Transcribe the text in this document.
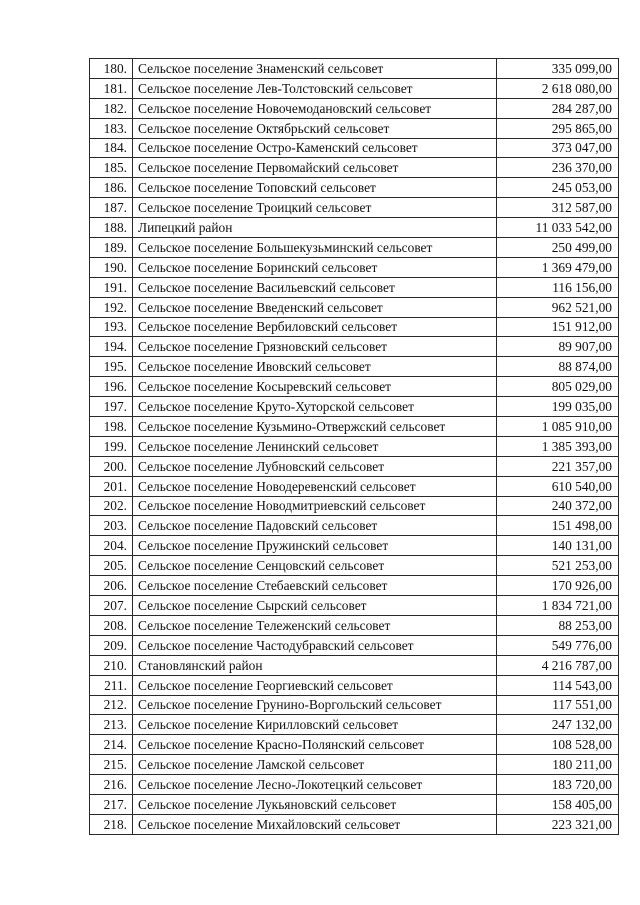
180.	Сельское поселение Знаменский сельсовет	335 099,00
181.	Сельское поселение Лев-Толстовский сельсовет	2 618 080,00
182.	Сельское поселение Новочемодановский сельсовет	284 287,00
183.	Сельское поселение Октябрьский сельсовет	295 865,00
184.	Сельское поселение Остро-Каменский сельсовет	373 047,00
185.	Сельское поселение Первомайский сельсовет	236 370,00
186.	Сельское поселение Топовский сельсовет	245 053,00
187.	Сельское поселение Троицкий сельсовет	312 587,00
188.	Липецкий район	11 033 542,00
189.	Сельское поселение Большекузьминский сельсовет	250 499,00
190.	Сельское поселение Боринский сельсовет	1 369 479,00
191.	Сельское поселение Васильевский сельсовет	116 156,00
192.	Сельское поселение Введенский сельсовет	962 521,00
193.	Сельское поселение Вербиловский сельсовет	151 912,00
194.	Сельское поселение Грязновский сельсовет	89 907,00
195.	Сельское поселение Ивовский сельсовет	88 874,00
196.	Сельское поселение Косыревский сельсовет	805 029,00
197.	Сельское поселение Круто-Хуторской сельсовет	199 035,00
198.	Сельское поселение Кузьмино-Отвержский сельсовет	1 085 910,00
199.	Сельское поселение Ленинский сельсовет	1 385 393,00
200.	Сельское поселение Лубновский сельсовет	221 357,00
201.	Сельское поселение Новодеревенский сельсовет	610 540,00
202.	Сельское поселение Новодмитриевский сельсовет	240 372,00
203.	Сельское поселение Падовский сельсовет	151 498,00
204.	Сельское поселение Пружинский сельсовет	140 131,00
205.	Сельское поселение Сенцовский сельсовет	521 253,00
206.	Сельское поселение Стебаевский сельсовет	170 926,00
207.	Сельское поселение Сырский сельсовет	1 834 721,00
208.	Сельское поселение Тележенский сельсовет	88 253,00
209.	Сельское поселение Частодубравский сельсовет	549 776,00
210.	Становлянский район	4 216 787,00
211.	Сельское поселение Георгиевский сельсовет	114 543,00
212.	Сельское поселение Грунино-Воргольский сельсовет	117 551,00
213.	Сельское поселение Кирилловский сельсовет	247 132,00
214.	Сельское поселение Красно-Полянский сельсовет	108 528,00
215.	Сельское поселение Ламской сельсовет	180 211,00
216.	Сельское поселение Лесно-Локотецкий сельсовет	183 720,00
217.	Сельское поселение Лукьяновский сельсовет	158 405,00
218.	Сельское поселение Михайловский сельсовет	223 321,00
